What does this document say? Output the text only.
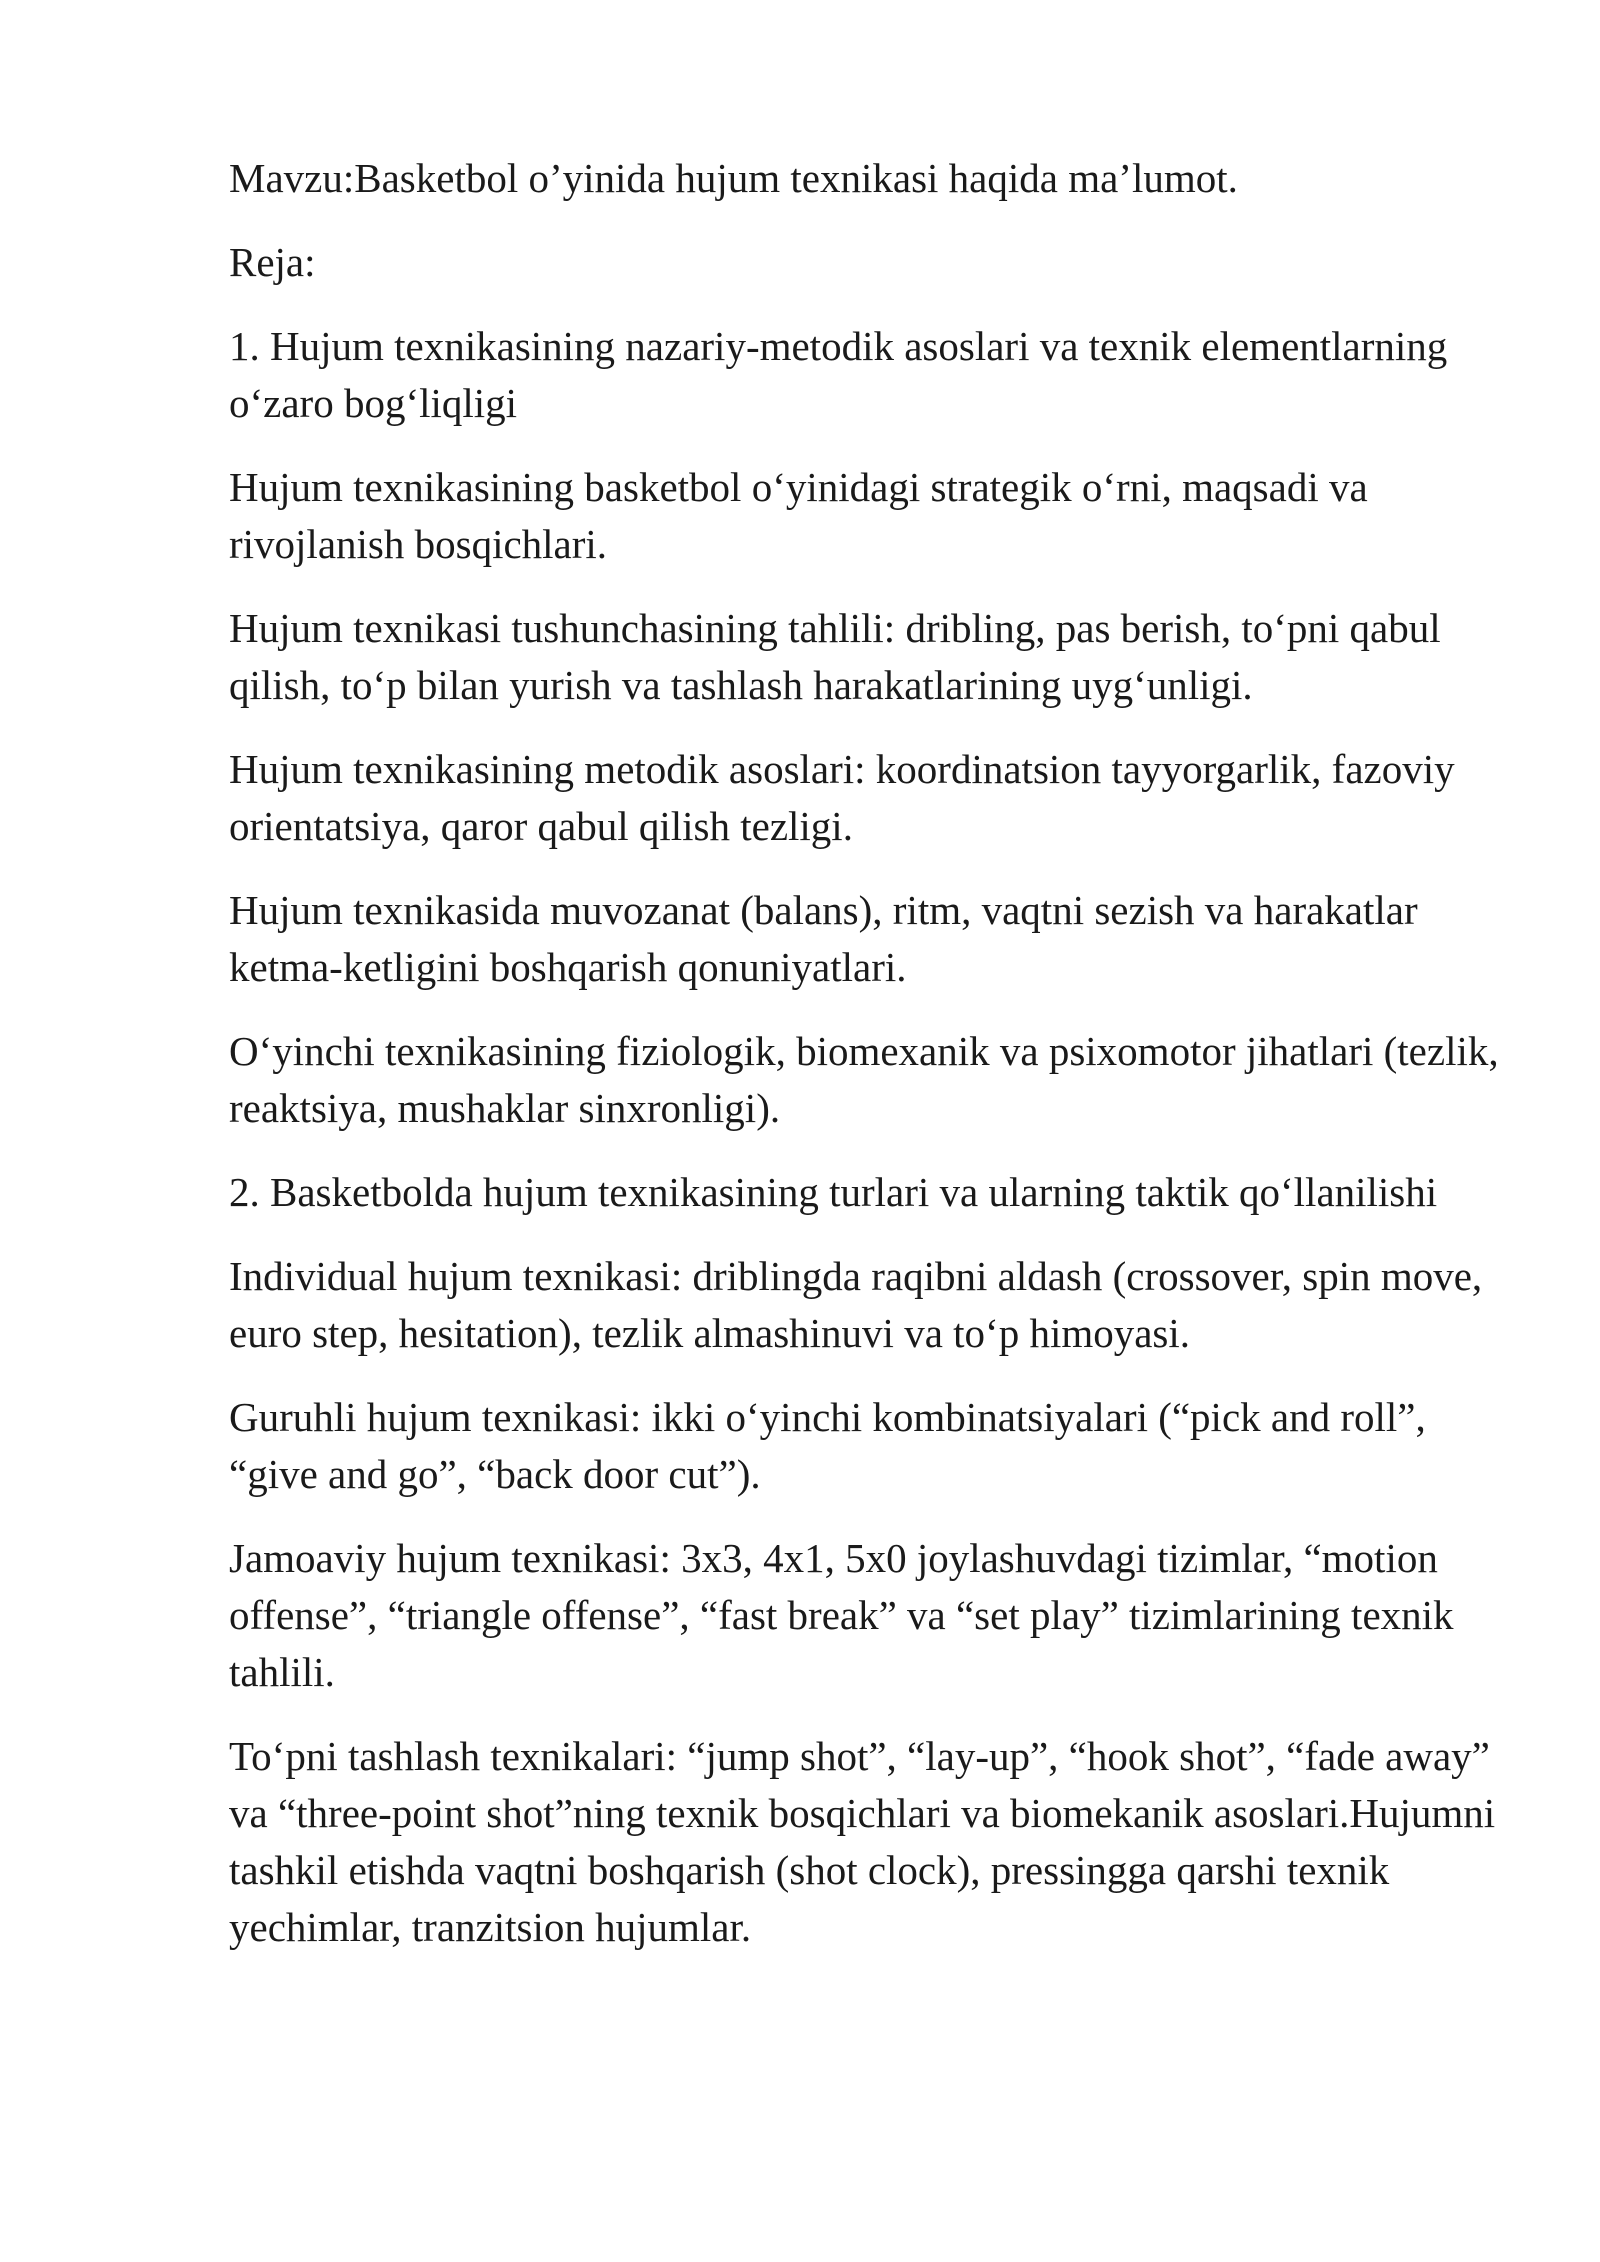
Mavzu:Basketbol o’yinida hujum texnikasi haqida ma’lumot.

Reja:

1. Hujum texnikasining nazariy-metodik asoslari va texnik elementlarning o‘zaro bog‘liqligi

Hujum texnikasining basketbol o‘yinidagi strategik o‘rni, maqsadi va rivojlanish bosqichlari.

Hujum texnikasi tushunchasining tahlili: dribling, pas berish, to‘pni qabul qilish, to‘p bilan yurish va tashlash harakatlarining uyg‘unligi.

Hujum texnikasining metodik asoslari: koordinatsion tayyorgarlik, fazoviy orientatsiya, qaror qabul qilish tezligi.

Hujum texnikasida muvozanat (balans), ritm, vaqtni sezish va harakatlar ketma-ketligini boshqarish qonuniyatlari.

O‘yinchi texnikasining fiziologik, biomexanik va psixomotor jihatlari (tezlik, reaktsiya, mushaklar sinxronligi).

2. Basketbolda hujum texnikasining turlari va ularning taktik qo‘llanilishi

Individual hujum texnikasi: driblingda raqibni aldash (crossover, spin move, euro step, hesitation), tezlik almashinuvi va to‘p himoyasi.

Guruhli hujum texnikasi: ikki o‘yinchi kombinatsiyalari (“pick and roll”, “give and go”, “back door cut”).

Jamoaviy hujum texnikasi: 3x3, 4x1, 5x0 joylashuvdagi tizimlar, “motion offense”, “triangle offense”, “fast break” va “set play” tizimlarining texnik tahlili.

To‘pni tashlash texnikalari: “jump shot”, “lay-up”, “hook shot”, “fade away” va “three-point shot”ning texnik bosqichlari va biomekanik asoslari.Hujumni tashkil etishda vaqtni boshqarish (shot clock), pressingga qarshi texnik yechimlar, tranzitsion hujumlar.
